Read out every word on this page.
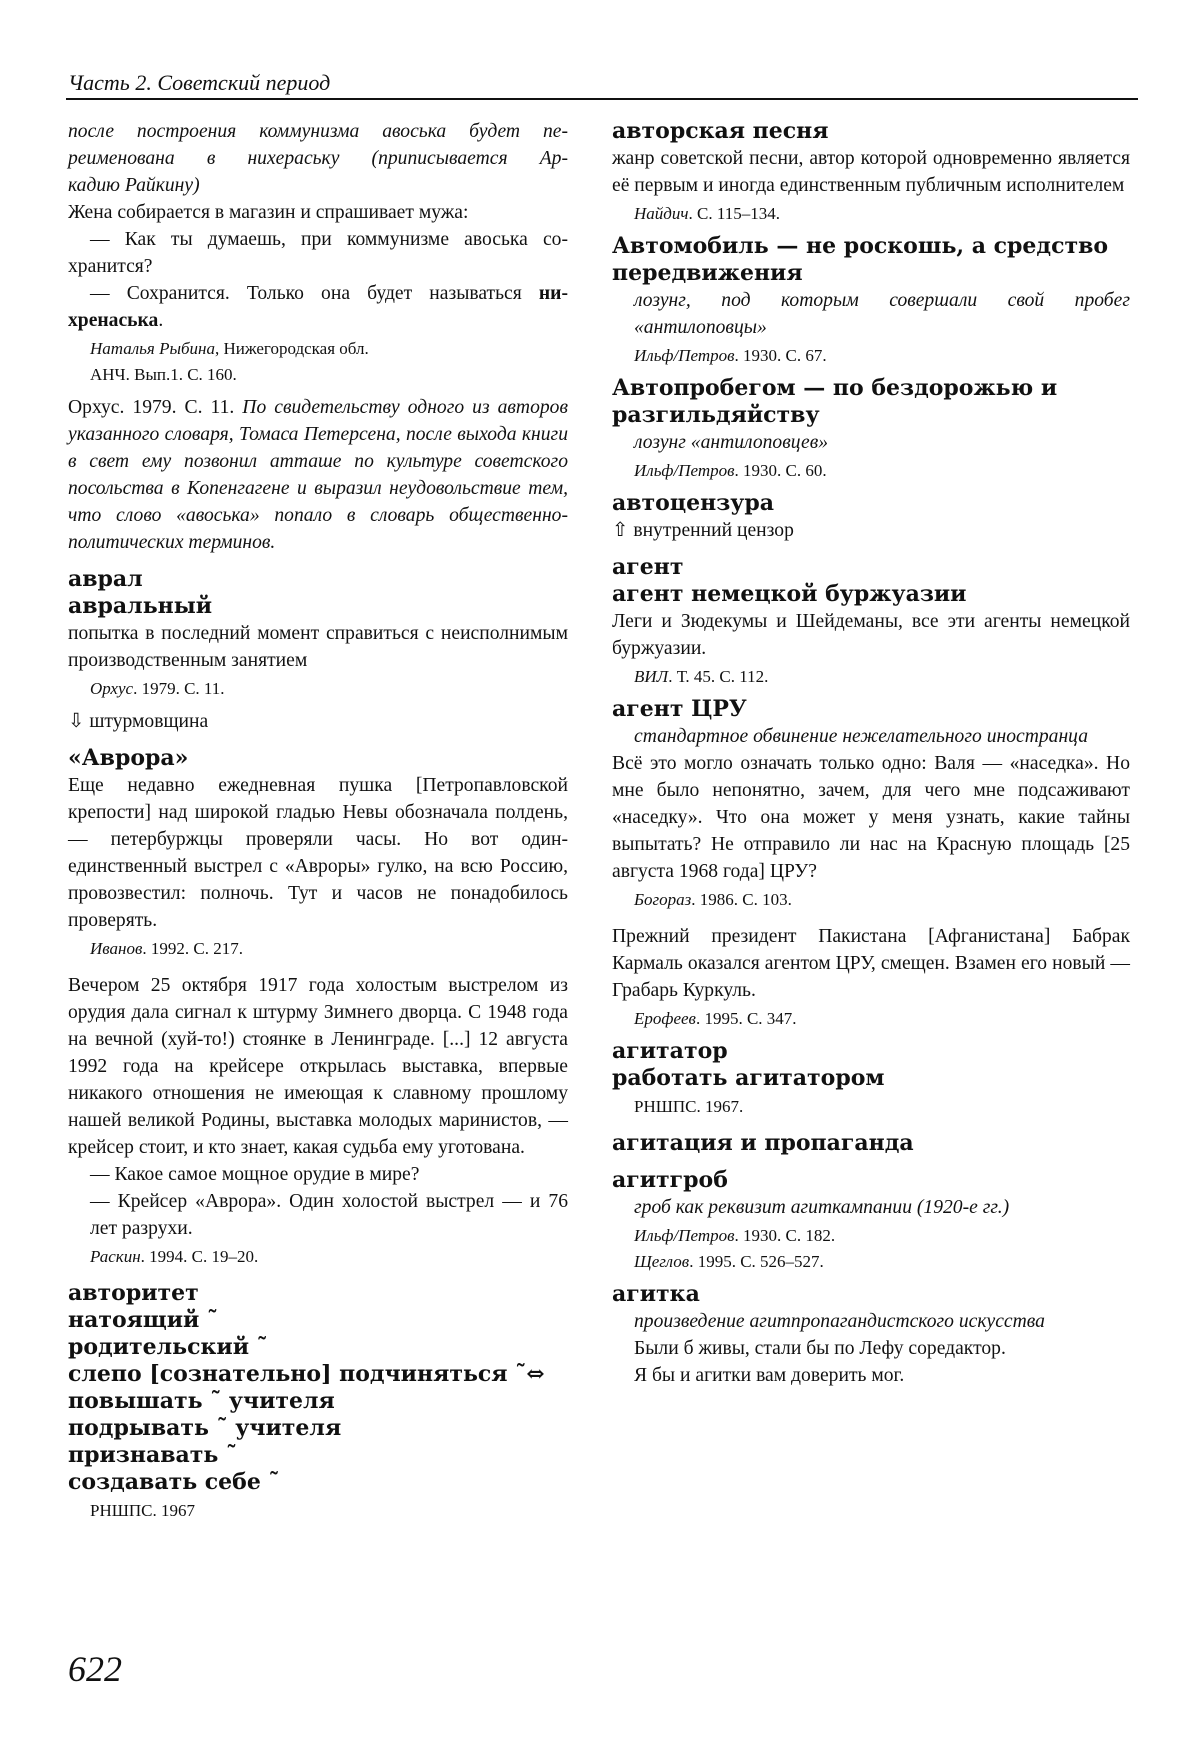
Часть 2. Советский период
после построения коммунизма авоська будет пе-
реименована в нихераську (приписывается Ар-
кадию Райкину)
Жена собирается в магазин и спрашивает мужа:
— Как ты думаешь, при коммунизме авоська со-
хранится?
— Сохранится. Только она будет называться ни-
хренаська.
Наталья Рыбина, Нижегородская обл.
АНЧ. Вып.1. С. 160.
Орхус. 1979. С. 11. По свидетельству одного из авторов указанного словаря, Томаса Петерсена, после выхода книги в свет ему позвонил атташе по культуре советского посольства в Копенгагене и выразил неудовольствие тем, что слово «авоська» попало в словарь общественно-политических терминов.
аврал
авральный
попытка в последний момент справиться с неисполнимым производственным занятием
Орхус. 1979. С. 11.
⇩ штурмовщина
«Аврора»
Еще недавно ежедневная пушка [Петропавловской крепости] над широкой гладью Невы обозначала полдень, — петербуржцы проверяли часы. Но вот один-единственный выстрел с «Авроры» гулко, на всю Россию, провозвестил: полночь. Тут и часов не понадобилось проверять.
Иванов. 1992. С. 217.
Вечером 25 октября 1917 года холостым выстрелом из орудия дала сигнал к штурму Зимнего дворца. С 1948 года на вечной (хуй-то!) стоянке в Ленинграде. [...] 12 августа 1992 года на крейсере открылась выставка, впервые никакого отношения не имеющая к славному прошлому нашей великой Родины, выставка молодых маринистов, — крейсер стоит, и кто знает, какая судьба ему уготована.
— Какое самое мощное орудие в мире?
— Крейсер «Аврора». Один холостой выстрел — и 76 лет разрухи.
Раскин. 1994. С. 19–20.
авторитет
натоящий ˜
родительский ˜
слепо [сознательно] подчиняться ˜⇔
повышать ˜ учителя
подрывать ˜ учителя
признавать ˜
создавать себе ˜
РНШПС. 1967
авторская песня
жанр советской песни, автор которой одновременно является её первым и иногда единственным публичным исполнителем
Найдич. С. 115–134.
Автомобиль — не роскошь, а средство передвижения
лозунг, под которым совершали свой пробег «антилоповцы»
Ильф/Петров. 1930. С. 67.
Автопробегом — по бездорожью и разгильдяйству
лозунг «антилоповцев»
Ильф/Петров. 1930. С. 60.
автоцензура
⇧ внутренний цензор
агент
агент немецкой буржуазии
Леги и Зюдекумы и Шейдеманы, все эти агенты немецкой буржуазии.
ВИЛ. Т. 45. С. 112.
агент ЦРУ
стандартное обвинение нежелательного иностранца
Всё это могло означать только одно: Валя — «наседка». Но мне было непонятно, зачем, для чего мне подсаживают «наседку». Что она может у меня узнать, какие тайны выпытать? Не отправило ли нас на Красную площадь [25 августа 1968 года] ЦРУ?
Богораз. 1986. С. 103.
Прежний президент Пакистана [Афганистана] Бабрак Кармаль оказался агентом ЦРУ, смещен. Взамен его новый — Грабарь Куркуль.
Ерофеев. 1995. С. 347.
агитатор
работать агитатором
РНШПС. 1967.
агитация и пропаганда
агитгроб
гроб как реквизит агиткампании (1920-е гг.)
Ильф/Петров. 1930. С. 182.
Щеглов. 1995. С. 526–527.
агитка
произведение агитпропагандистского искусства
Были б живы, стали бы по Лефу соредактор.
Я бы и агитки вам доверить мог.
622
